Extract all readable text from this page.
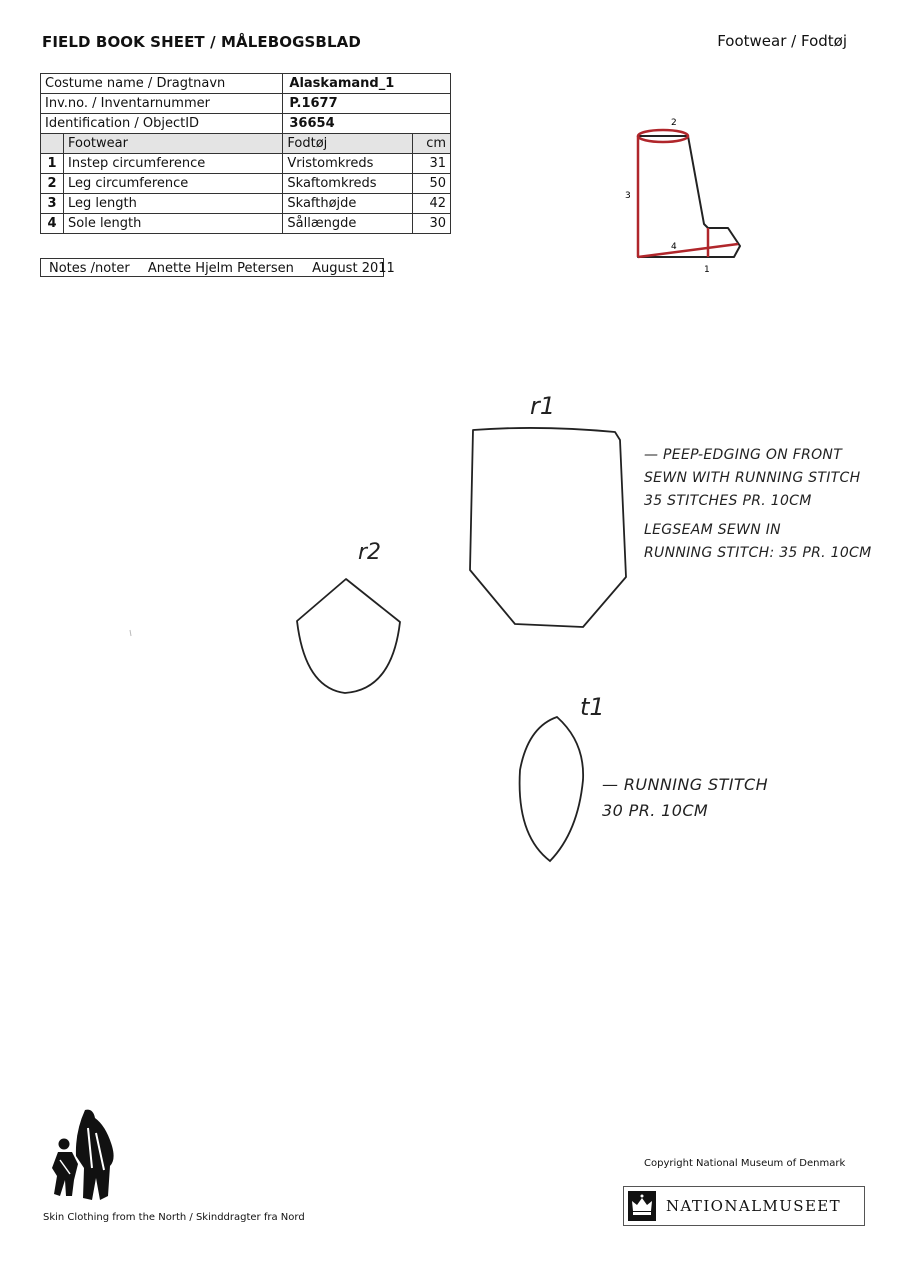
FIELD BOOK SHEET / MÅLEBOGSBLAD	Footwear / Fodtøj
Costume name / Dragtnavn		Alaskamand_1	
Inv.no. / Inventarnummer		P.1677	
Identification / ObjectID		36654	
	Footwear	Fodtøj	cm
1	Instep circumference	Vristomkreds	31
2	Leg circumference	Skaftomkreds	50
3	Leg length	Skafthøjde	42
4	Sole length	Sållængde	30
Notes /noter Anette Hjelm Petersen August 2011
2
3
4
1
r1
r2
t1
— PEEP-EDGING ON FRONT
SEWN WITH RUNNING STITCH
35 STITCHES PR. 10CM
LEGSEAM SEWN IN
RUNNING STITCH: 35 PR. 10CM
— RUNNING STITCH
30 PR. 10CM
Skin Clothing from the North / Skinddragter fra Nord
Copyright National Museum of Denmark
NATIONALMUSEET
